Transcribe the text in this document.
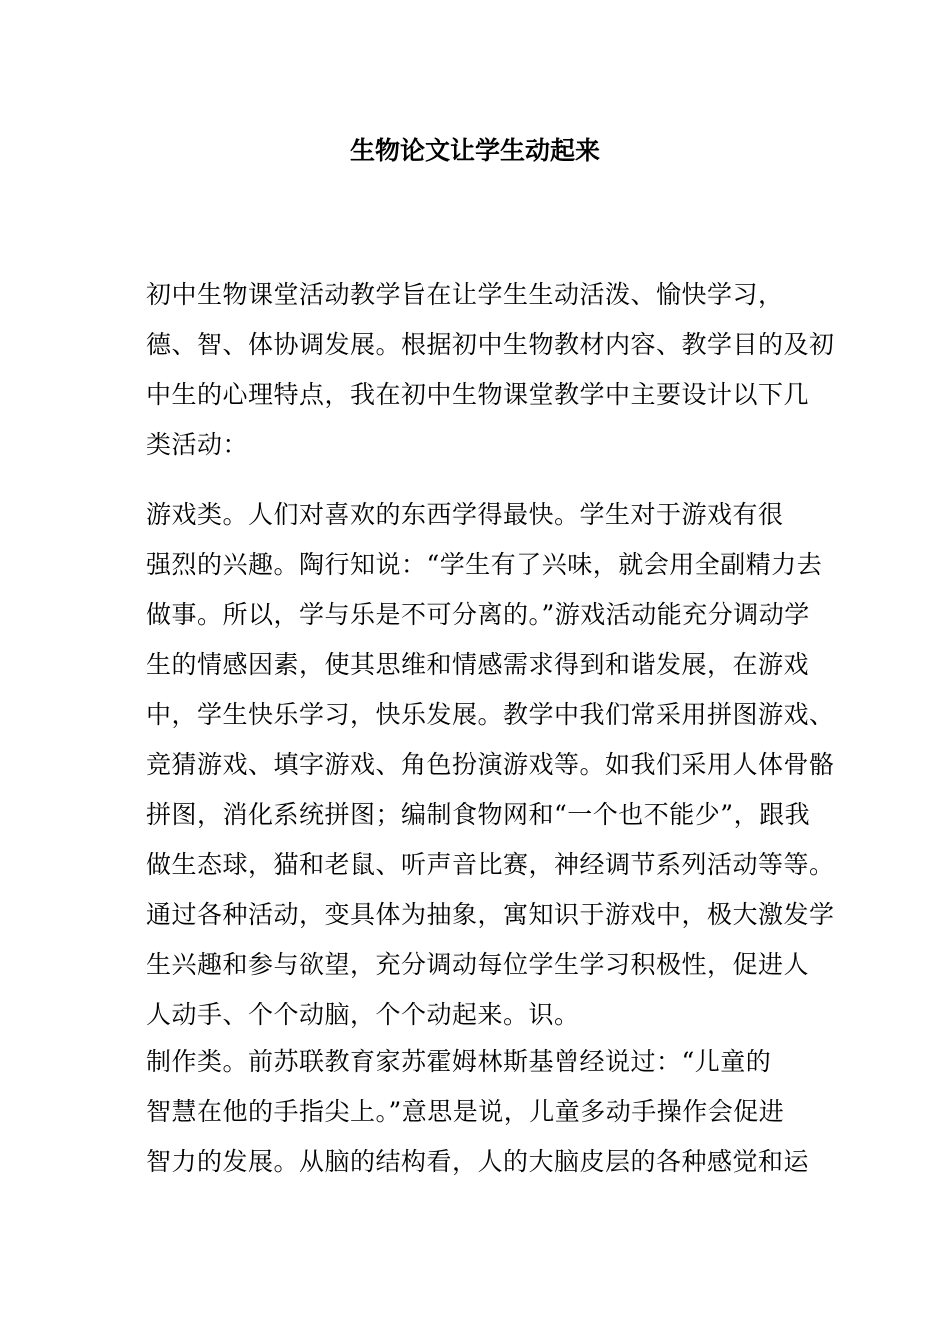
生物论文让学生动起来
初中生物课堂活动教学旨在让学生生动活泼、愉快学习，
德、智、体协调发展。根据初中生物教材内容、教学目的及初
中生的心理特点，我在初中生物课堂教学中主要设计以下几
类活动：
游戏类。人们对喜欢的东西学得最快。学生对于游戏有很
强烈的兴趣。陶行知说：“学生有了兴味，就会用全副精力去
做事。所以，学与乐是不可分离的。”游戏活动能充分调动学
生的情感因素，使其思维和情感需求得到和谐发展，在游戏
中，学生快乐学习，快乐发展。教学中我们常采用拼图游戏、
竞猜游戏、填字游戏、角色扮演游戏等。如我们采用人体骨骼
拼图，消化系统拼图；编制食物网和“一个也不能少”，跟我
做生态球，猫和老鼠、听声音比赛，神经调节系列活动等等。
通过各种活动，变具体为抽象，寓知识于游戏中，极大激发学
生兴趣和参与欲望，充分调动每位学生学习积极性，促进人
人动手、个个动脑，个个动起来。识。
制作类。前苏联教育家苏霍姆林斯基曾经说过：“儿童的
智慧在他的手指尖上。”意思是说，儿童多动手操作会促进
智力的发展。从脑的结构看，人的大脑皮层的各种感觉和运
